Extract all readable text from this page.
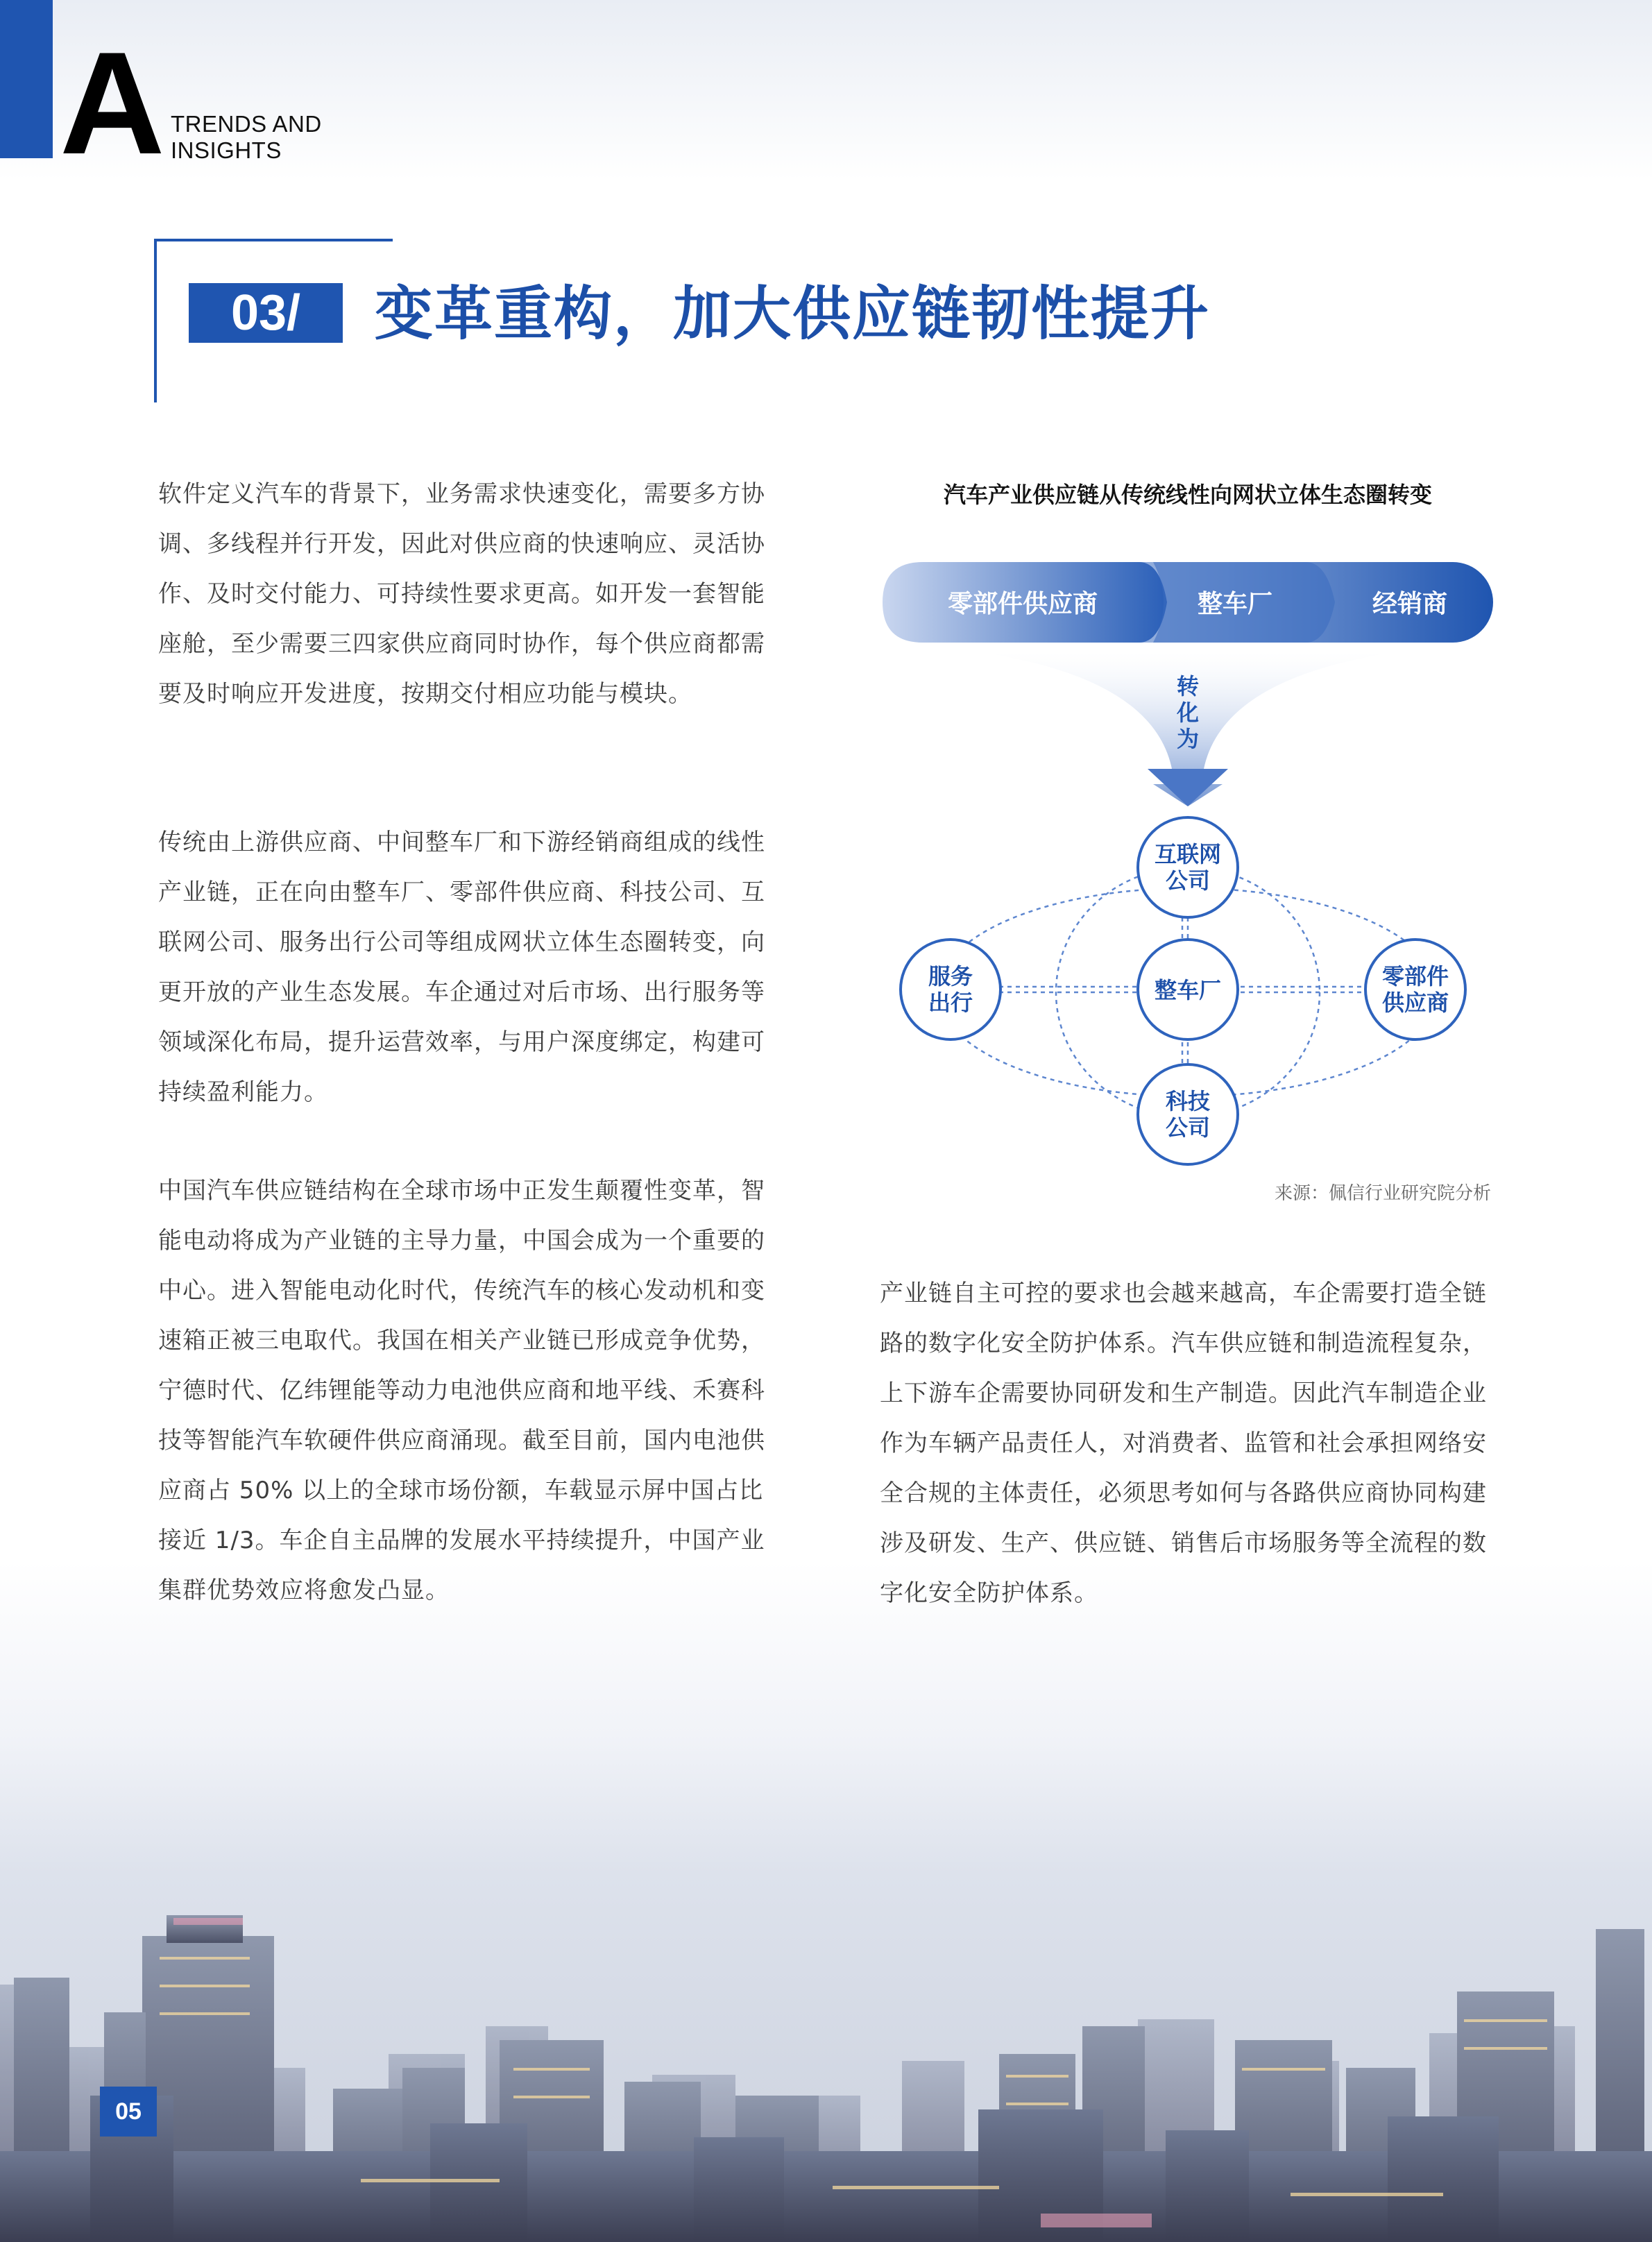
A TRENDS AND
INSIGHTS
03/	变革重构，加大供应链韧性提升

软件定义汽车的背景下，业务需求快速变化，需要多方协调、多线程并行开发，因此对供应商的快速响应、灵活协作、及时交付能力、可持续性要求更高。如开发一套智能座舱，至少需要三四家供应商同时协作，每个供应商都需要及时响应开发进度，按期交付相应功能与模块。

传统由上游供应商、中间整车厂和下游经销商组成的线性产业链，正在向由整车厂、零部件供应商、科技公司、互联网公司、服务出行公司等组成网状立体生态圈转变，向更开放的产业生态发展。车企通过对后市场、出行服务等领域深化布局，提升运营效率，与用户深度绑定，构建可持续盈利能力。

中国汽车供应链结构在全球市场中正发生颠覆性变革，智能电动将成为产业链的主导力量，中国会成为一个重要的中心。进入智能电动化时代，传统汽车的核心发动机和变速箱正被三电取代。我国在相关产业链已形成竞争优势，宁德时代、亿纬锂能等动力电池供应商和地平线、禾赛科技等智能汽车软硬件供应商涌现。截至目前，国内电池供应商占 50% 以上的全球市场份额，车载显示屏中国占比接近 1/3。车企自主品牌的发展水平持续提升，中国产业集群优势效应将愈发凸显。

汽车产业供应链从传统线性向网状立体生态圈转变
零部件供应商	整车厂	经销商
转
化
为
互联网
公司
服务
出行	整车厂
零部件
供应商
科技
公司
来源：佩信行业研究院分析

产业链自主可控的要求也会越来越高，车企需要打造全链路的数字化安全防护体系。汽车供应链和制造流程复杂，上下游车企需要协同研发和生产制造。因此汽车制造企业作为车辆产品责任人，对消费者、监管和社会承担网络安全合规的主体责任，必须思考如何与各路供应商协同构建涉及研发、生产、供应链、销售后市场服务等全流程的数字化安全防护体系。

05
